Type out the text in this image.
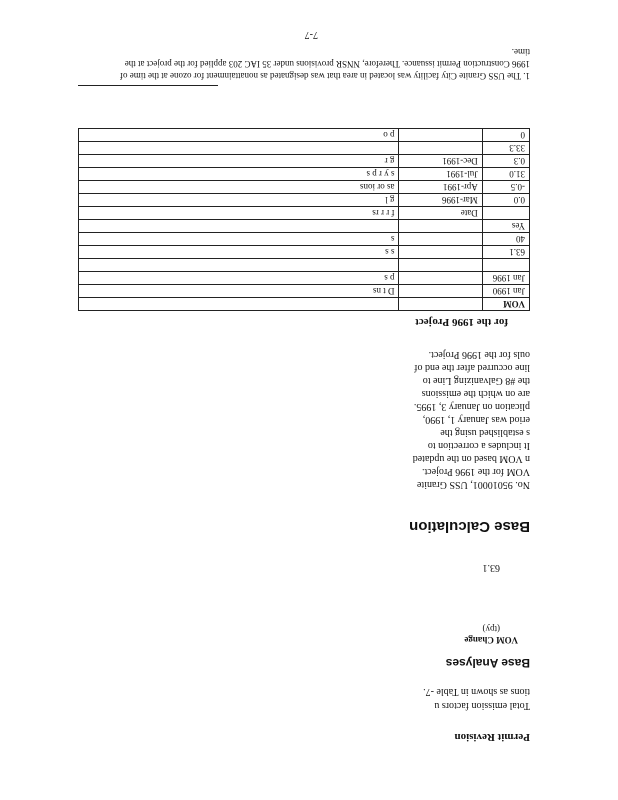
Permit Revision
Total emission factors u
tions as shown in Table -7.
Base Analyses
VOM Change
(tpy)
63.1
Base Calculation
No. 95010001, USS Granite
VOM for the 1996 Project.
n VOM based on the updated
It includes a correction to
s established using the
eriod was January 1, 1990,
plication on January 3, 1995.
are on which the emissions
the #8 Galvanizing Line to
line occurred after the end of
ouls for the 1996 Project.
for the 1996 Project
VOM		
Jan 1990		D t ns
Jan 1996		p s

63.1		s s
40		s
Yes		
	Date	f r r rs
0.0	Mar-1996	g l
-0.5	Apr-1991	as or ions
31.0	Jul-1991	s y r p s
0.3	Dec-1991	g r
33.3		
0		p o
1. The USS Granite City facility was located in area that was designated as nonattainment for ozone at the time of
1996 Construction Permit issuance. Therefore, NNSR provisions under 35 IAC 203 applied for the project at the
time.
7-7
